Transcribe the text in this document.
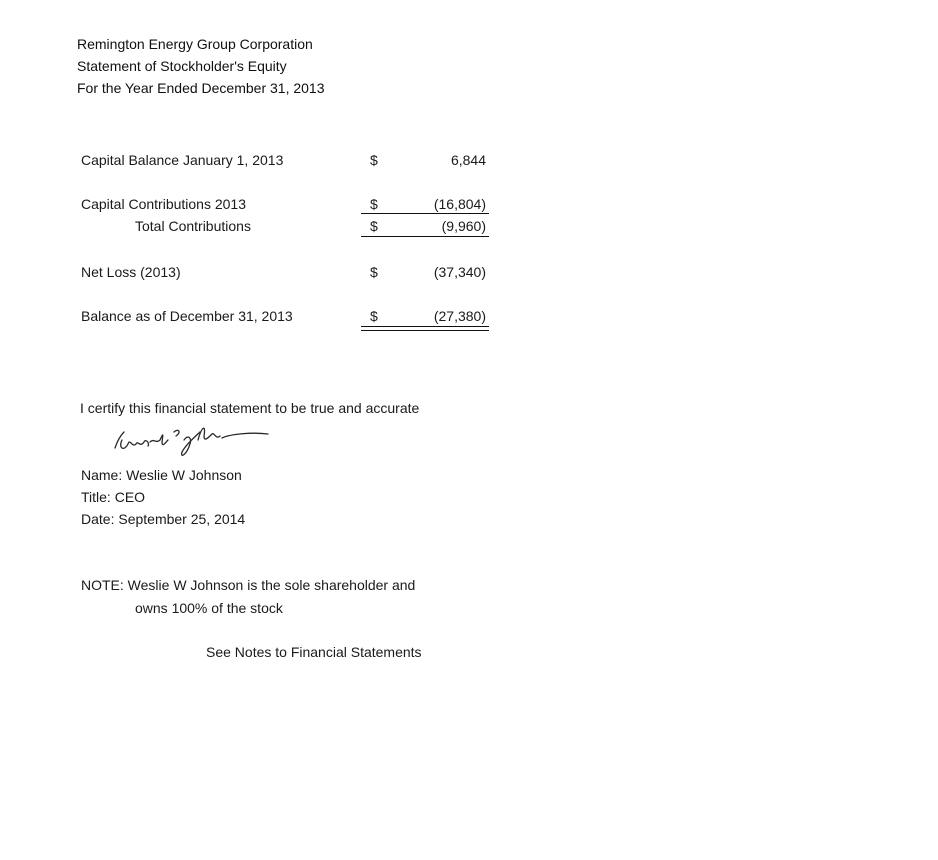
Remington Energy Group Corporation
Statement of Stockholder's Equity
For the Year Ended December 31, 2013
Capital Balance January 1, 2013	$	6,844
Capital Contributions 2013	$	(16,804)
Total Contributions	$	(9,960)
Net Loss (2013)	$	(37,340)
Balance as of December 31, 2013	$	(27,380)
I certify this financial statement to be true and accurate
Name: Weslie W Johnson
Title: CEO
Date: September 25, 2014
NOTE: Weslie W Johnson is the sole shareholder and
owns 100% of the stock
See Notes to Financial Statements
